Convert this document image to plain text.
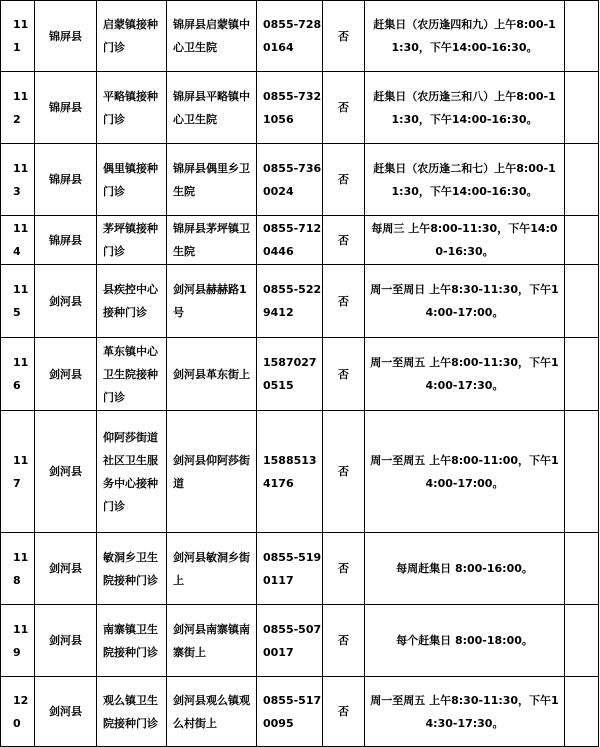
111	锦屏县	启蒙镇接种门诊	锦屏县启蒙镇中心卫生院	0855-7280164	否	赶集日（农历逢四和九）上午8:00-11:30，下午14:00-16:30。	
112	锦屏县	平略镇接种门诊	锦屏县平略镇中心卫生院	0855-7321056	否	赶集日（农历逢三和八）上午8:00-11:30，下午14:00-16:30。	
113	锦屏县	偶里镇接种门诊	锦屏县偶里乡卫生院	0855-7360024	否	赶集日（农历逢二和七）上午8:00-11:30，下午14:00-16:30。	
114	锦屏县	茅坪镇接种门诊	锦屏县茅坪镇卫生院	0855-7120446	否	每周三 上午8:00-11:30，下午14:00-16:30。	
115	剑河县	县疾控中心接种门诊	剑河县赫赫路1号	0855-5229412	否	周一至周日 上午8:30-11:30，下午14:00-17:00。	
116	剑河县	革东镇中心卫生院接种门诊	剑河县革东街上	15870270515	否	周一至周五 上午8:00-11:30，下午14:00-17:30。	
117	剑河县	仰阿莎街道社区卫生服务中心接种门诊	剑河县仰阿莎街道	15885134176	否	周一至周五 上午8:00-11:00，下午14:00-17:00。	
118	剑河县	敏洞乡卫生院接种门诊	剑河县敏洞乡街上	0855-5190117	否	每周赶集日 8:00-16:00。	
119	剑河县	南寨镇卫生院接种门诊	剑河县南寨镇南寨街上	0855-5070017	否	每个赶集日 8:00-18:00。	
120	剑河县	观么镇卫生院接种门诊	剑河县观么镇观么村街上	0855-5170095	否	周一至周五 上午8:30-11:30，下午14:30-17:30。	
